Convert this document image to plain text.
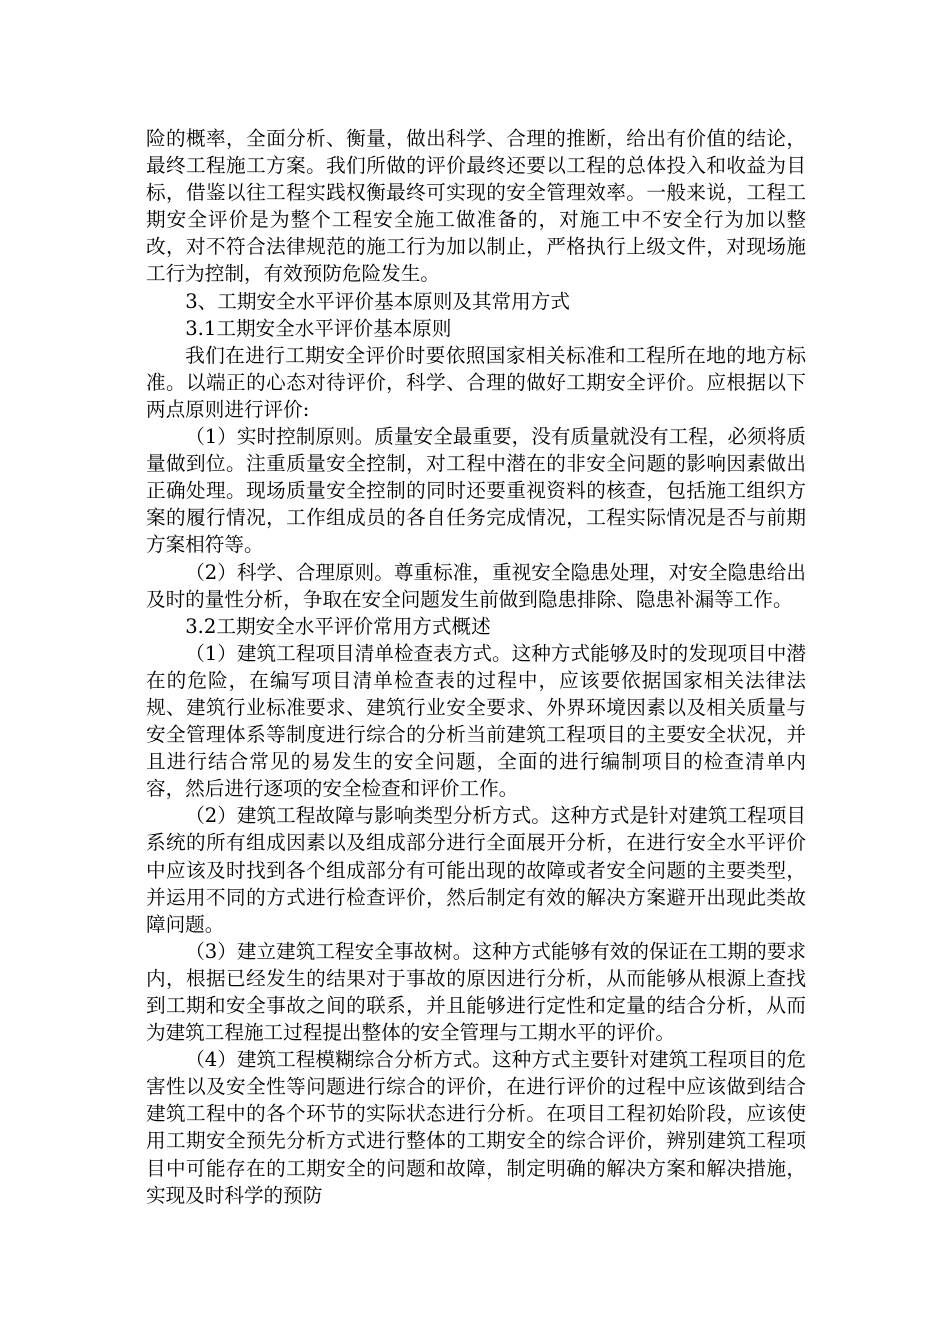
险的概率，全面分析、衡量，做出科学、合理的推断，给出有价值的结论，最终工程施工方案。我们所做的评价最终还要以工程的总体投入和收益为目标，借鉴以往工程实践权衡最终可实现的安全管理效率。一般来说，工程工期安全评价是为整个工程安全施工做准备的，对施工中不安全行为加以整改，对不符合法律规范的施工行为加以制止，严格执行上级文件，对现场施工行为控制，有效预防危险发生。

3、工期安全水平评价基本原则及其常用方式

3.1工期安全水平评价基本原则

我们在进行工期安全评价时要依照国家相关标准和工程所在地的地方标准。以端正的心态对待评价，科学、合理的做好工期安全评价。应根据以下两点原则进行评价:

（1）实时控制原则。质量安全最重要，没有质量就没有工程，必须将质量做到位。注重质量安全控制，对工程中潜在的非安全问题的影响因素做出正确处理。现场质量安全控制的同时还要重视资料的核查，包括施工组织方案的履行情况，工作组成员的各自任务完成情况，工程实际情况是否与前期方案相符等。

（2）科学、合理原则。尊重标准，重视安全隐患处理，对安全隐患给出及时的量性分析，争取在安全问题发生前做到隐患排除、隐患补漏等工作。

3.2工期安全水平评价常用方式概述

（1）建筑工程项目清单检查表方式。这种方式能够及时的发现项目中潜在的危险，在编写项目清单检查表的过程中，应该要依据国家相关法律法规、建筑行业标准要求、建筑行业安全要求、外界环境因素以及相关质量与安全管理体系等制度进行综合的分析当前建筑工程项目的主要安全状况，并且进行结合常见的易发生的安全问题，全面的进行编制项目的检查清单内容，然后进行逐项的安全检查和评价工作。

（2）建筑工程故障与影响类型分析方式。这种方式是针对建筑工程项目系统的所有组成因素以及组成部分进行全面展开分析，在进行安全水平评价中应该及时找到各个组成部分有可能出现的故障或者安全问题的主要类型，并运用不同的方式进行检查评价，然后制定有效的解决方案避开出现此类故障问题。

（3）建立建筑工程安全事故树。这种方式能够有效的保证在工期的要求内，根据已经发生的结果对于事故的原因进行分析，从而能够从根源上查找到工期和安全事故之间的联系，并且能够进行定性和定量的结合分析，从而为建筑工程施工过程提出整体的安全管理与工期水平的评价。

（4）建筑工程模糊综合分析方式。这种方式主要针对建筑工程项目的危害性以及安全性等问题进行综合的评价，在进行评价的过程中应该做到结合建筑工程中的各个环节的实际状态进行分析。在项目工程初始阶段，应该使用工期安全预先分析方式进行整体的工期安全的综合评价，辨别建筑工程项目中可能存在的工期安全的问题和故障，制定明确的解决方案和解决措施，实现及时科学的预防
